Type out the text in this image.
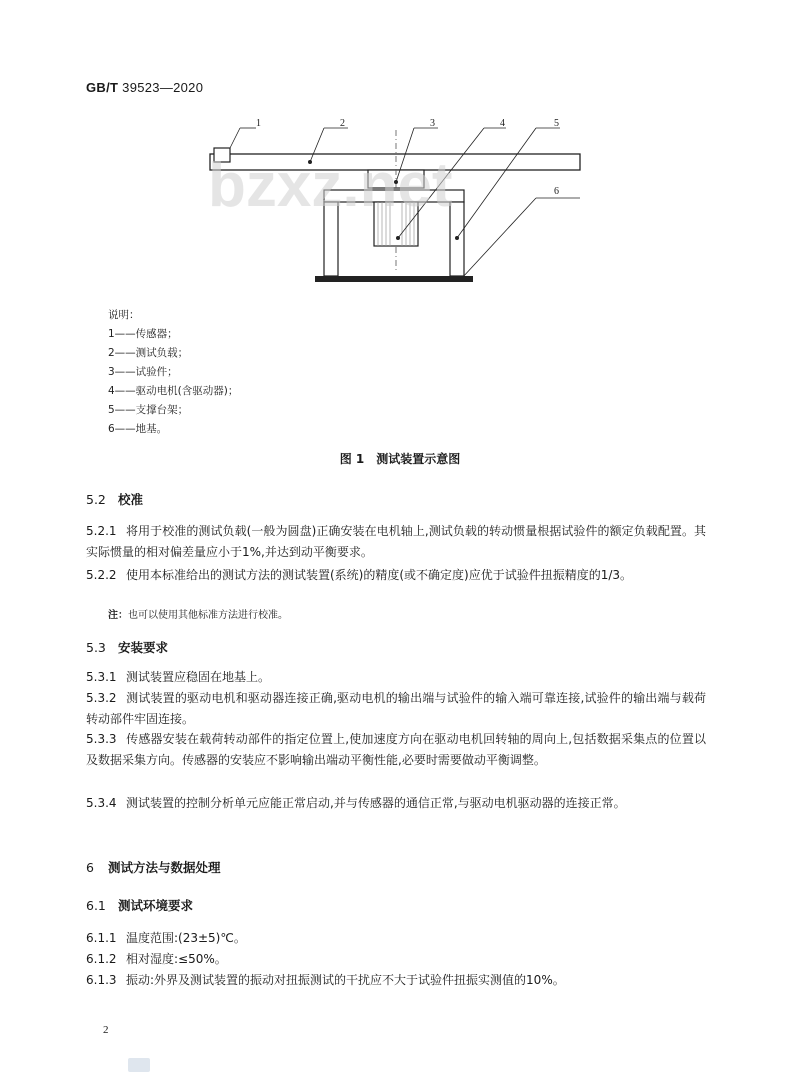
GB/T 39523—2020
1	2	3	4	5
6
bzxz.net
说明：
1——传感器；
2——测试负载；
3——试验件；
4——驱动电机(含驱动器)；
5——支撑台架；
6——地基。
图 1 测试装置示意图
5.2 校准
5.2.1 将用于校准的测试负载(一般为圆盘)正确安装在电机轴上,测试负载的转动惯量根据试验件的额定负载配置。其实际惯量的相对偏差量应小于1%,并达到动平衡要求。
5.2.2 使用本标准给出的测试方法的测试装置(系统)的精度(或不确定度)应优于试验件扭振精度的1/3。
注：也可以使用其他标准方法进行校准。
5.3 安装要求
5.3.1 测试装置应稳固在地基上。
5.3.2 测试装置的驱动电机和驱动器连接正确,驱动电机的输出端与试验件的输入端可靠连接,试验件的输出端与载荷转动部件牢固连接。
5.3.3 传感器安装在载荷转动部件的指定位置上,使加速度方向在驱动电机回转轴的周向上,包括数据采集点的位置以及数据采集方向。传感器的安装应不影响输出端动平衡性能,必要时需要做动平衡调整。
5.3.4 测试装置的控制分析单元应能正常启动,并与传感器的通信正常,与驱动电机驱动器的连接正常。
6 测试方法与数据处理
6.1 测试环境要求
6.1.1 温度范围:(23±5)℃。
6.1.2 相对湿度:≤50%。
6.1.3 振动:外界及测试装置的振动对扭振测试的干扰应不大于试验件扭振实测值的10%。
2
